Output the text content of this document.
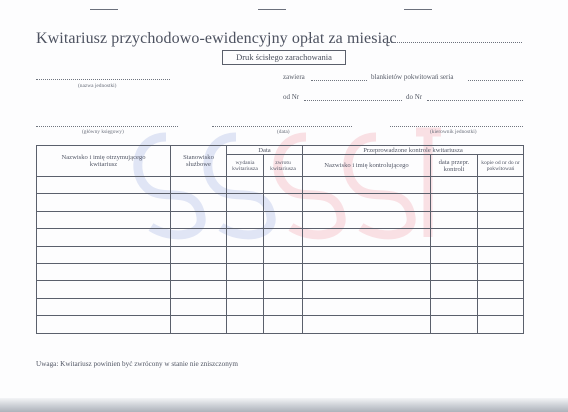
Kwitariusz przychodowo-ewidencyjny opłat za miesiąc
Druk ścisłego zarachowania
(nazwa jednostki)
zawiera	blankietów pokwitowań seria
od Nr	do Nr
(główny księgowy)	(data)	(kierownik jednostki)
Nazwisko i imię otrzymującego kwitariusz	Stanowisko służbowe	Data		Przeprowadzone kontrole kwitariusza		
		wydania kwitariusza	zwrotu kwitariusza	Nazwisko i imię kontrolującego	data przepr. kontroli	kopie od nr do nr pokwitowań

Uwaga: Kwitariusz powinien być zwrócony w stanie nie zniszczonym
